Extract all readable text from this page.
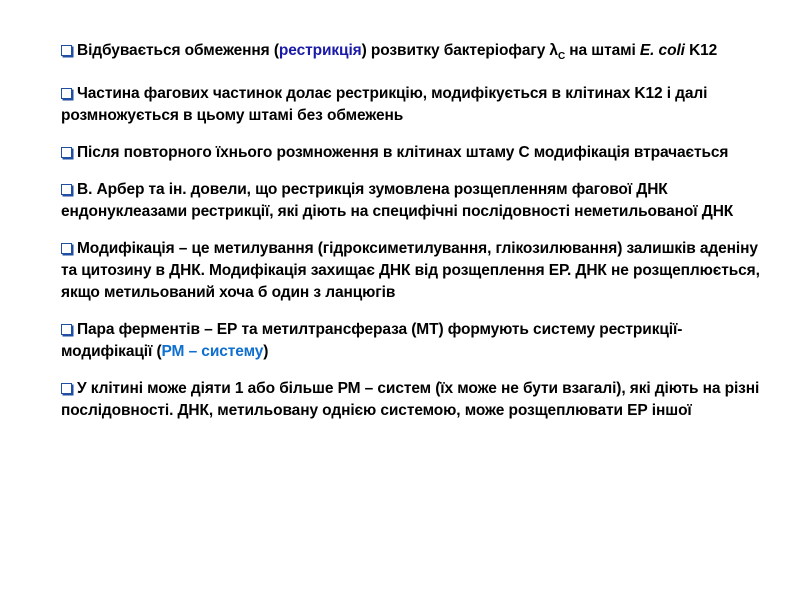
Відбувається обмеження (рестрикція) розвитку бактеріофагу $\lambda_C$ на штамі E. coli K12
Частина фагових частинок долає рестрикцію, модифікується в клітинах K12 і далі розмножується в цьому штамі без обмежень
Після повторного їхнього розмноження в клітинах штаму С модифікація втрачається
В. Арбер та ін. довели, що рестрикція зумовлена розщепленням фагової ДНК ендонуклеазами рестрикції, які діють на специфічні послідовності неметильованої ДНК
Модифікація – це метилування (гідроксиметилування, глікозилювання) залишків аденіну та цитозину в ДНК. Модифікація захищає ДНК від розщеплення ЕР. ДНК не розщеплюється, якщо метильований хоча б один з ланцюгів
Пара ферментів – ЕР та метилтрансфераза (МТ) формують систему рестрикції-модифікації (РМ – систему)
У клітині може діяти 1 або більше РМ – систем (їх може не бути взагалі), які діють на різні послідовності. ДНК, метильовану однією системою, може розщеплювати ЕР іншої
